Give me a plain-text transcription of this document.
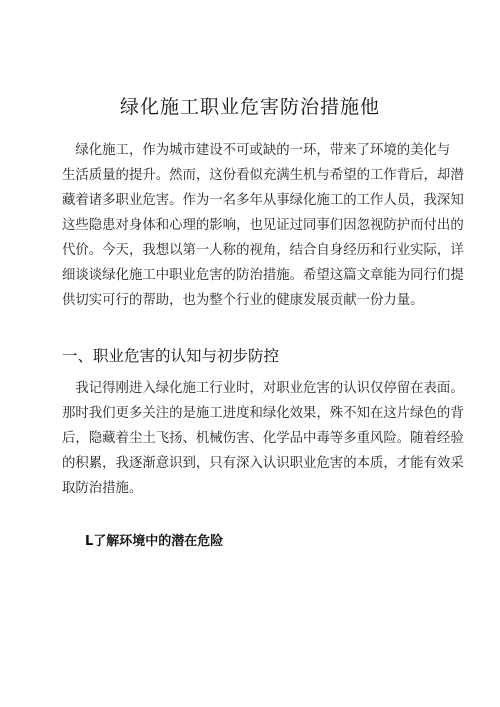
绿化施工职业危害防治措施他
　绿化施工，作为城市建设不可或缺的一环，带来了环境的美化与
生活质量的提升。然而，这份看似充满生机与希望的工作背后，却潜
藏着诸多职业危害。作为一名多年从事绿化施工的工作人员，我深知
这些隐患对身体和心理的影响，也见证过同事们因忽视防护而付出的
代价。今天，我想以第一人称的视角，结合自身经历和行业实际，详
细谈谈绿化施工中职业危害的防治措施。希望这篇文章能为同行们提
供切实可行的帮助，也为整个行业的健康发展贡献一份力量。
一、职业危害的认知与初步防控
　我记得刚进入绿化施工行业时，对职业危害的认识仅停留在表面。
那时我们更多关注的是施工进度和绿化效果，殊不知在这片绿色的背
后，隐藏着尘土飞扬、机械伤害、化学品中毒等多重风险。随着经验
的积累，我逐渐意识到，只有深入认识职业危害的本质，才能有效采
取防治措施。
L了解环境中的潜在危险
